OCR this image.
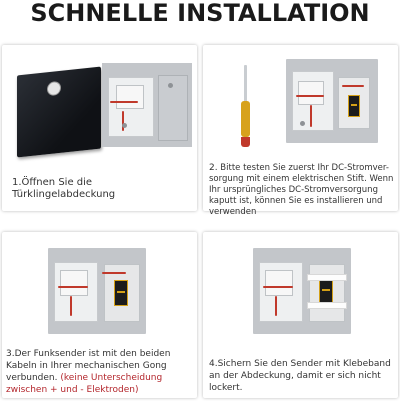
SCHNELLE INSTALLATION
1.Öffnen Sie die Türklingelabdeckung
2. Bitte testen Sie zuerst Ihr DC-Stromver- sorgung mit einem elektrischen Stift. Wenn Ihr ursprüngliches DC-Stromversorgung kaputt ist, können Sie es installieren und verwenden
3.Der Funksender ist mit den beiden Kabeln in Ihrer mechanischen Gong verbunden. (keine Unterscheidung zwischen + und - Elektroden)
4.Sichern Sie den Sender mit Klebeband an der Abdeckung, damit er sich nicht lockert.
